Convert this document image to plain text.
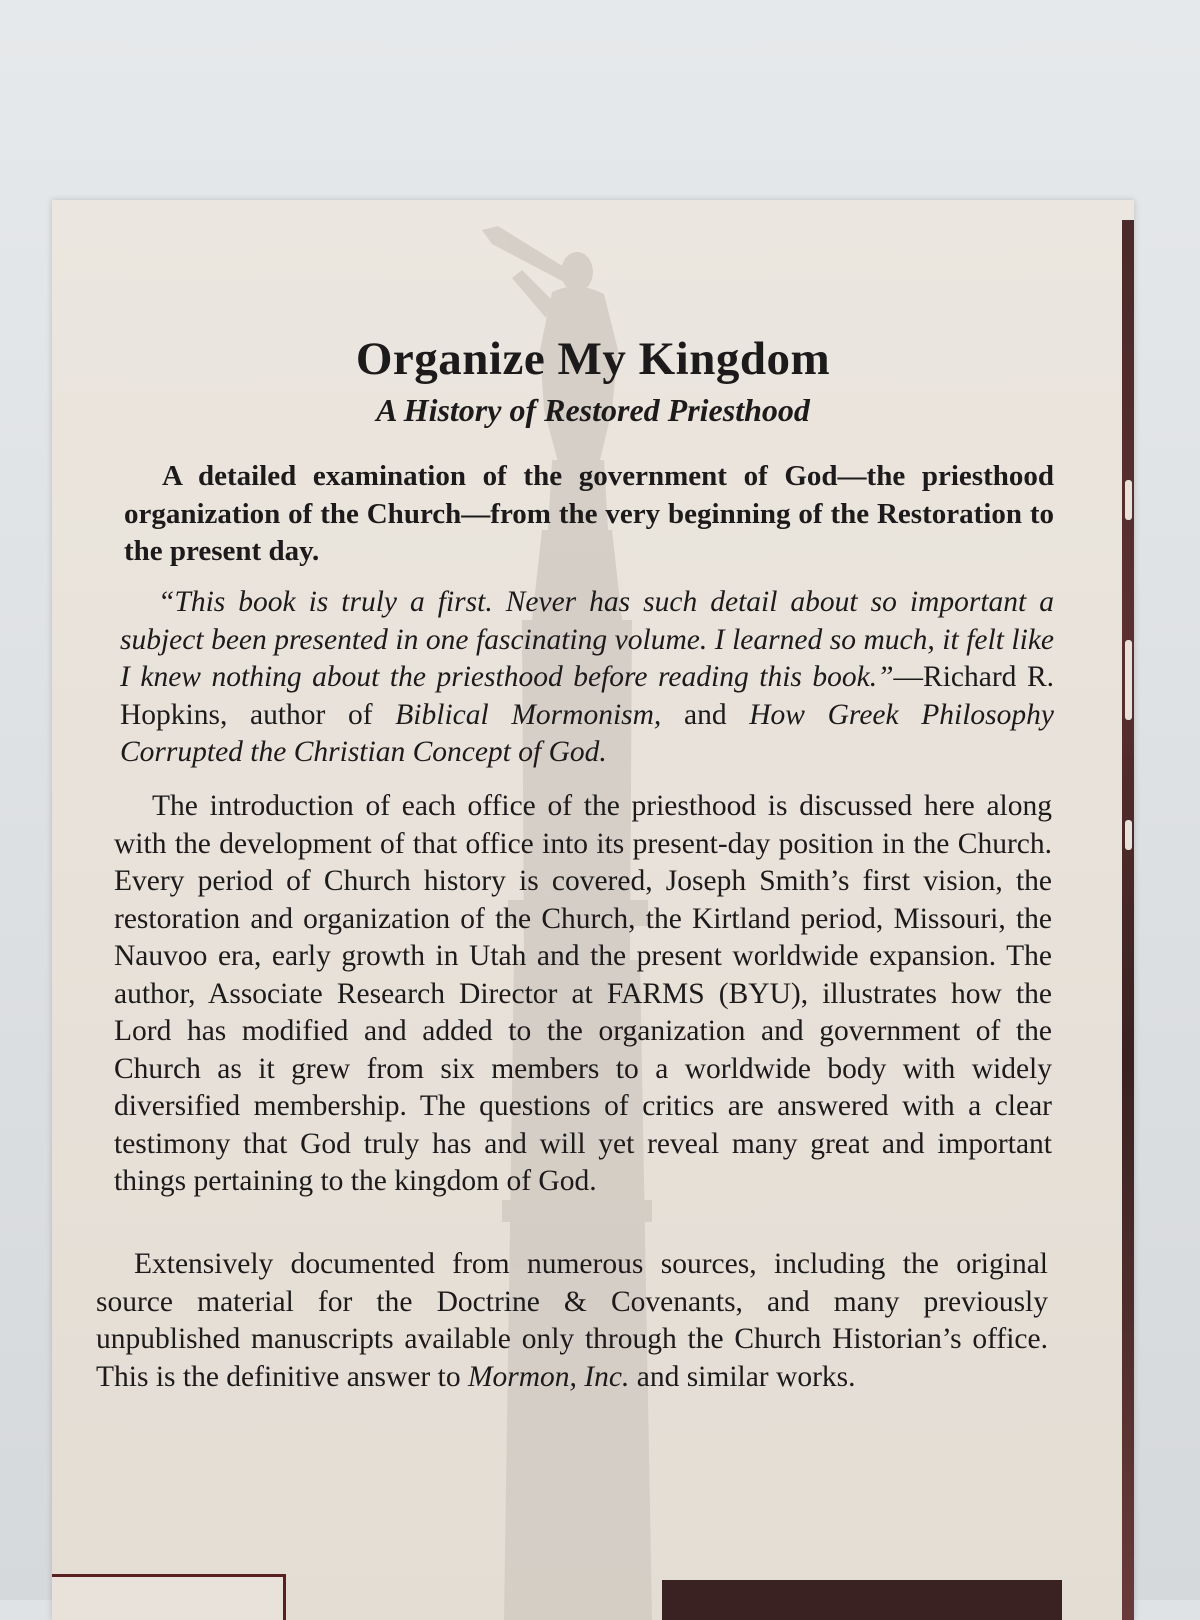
Organize My Kingdom
A History of Restored Priesthood

A detailed examination of the government of God—the priesthood organization of the Church—from the very beginning of the Restoration to the present day.

“This book is truly a first. Never has such detail about so important a subject been presented in one fascinating volume. I learned so much, it felt like I knew nothing about the priesthood before reading this book.”—Richard R. Hopkins, author of Biblical Mormonism, and How Greek Philosophy Corrupted the Christian Concept of God.

The introduction of each office of the priesthood is discussed here along with the development of that office into its present-day position in the Church. Every period of Church history is covered, Joseph Smith’s first vision, the restoration and organization of the Church, the Kirtland period, Missouri, the Nauvoo era, early growth in Utah and the present worldwide expansion. The author, Associate Research Director at FARMS (BYU), illustrates how the Lord has modified and added to the organization and government of the Church as it grew from six members to a worldwide body with widely diversified membership. The questions of critics are answered with a clear testimony that God truly has and will yet reveal many great and important things pertaining to the kingdom of God.

Extensively documented from numerous sources, including the original source material for the Doctrine & Covenants, and many previously unpublished manuscripts available only through the Church Historian’s office. This is the definitive answer to Mormon, Inc. and similar works.
